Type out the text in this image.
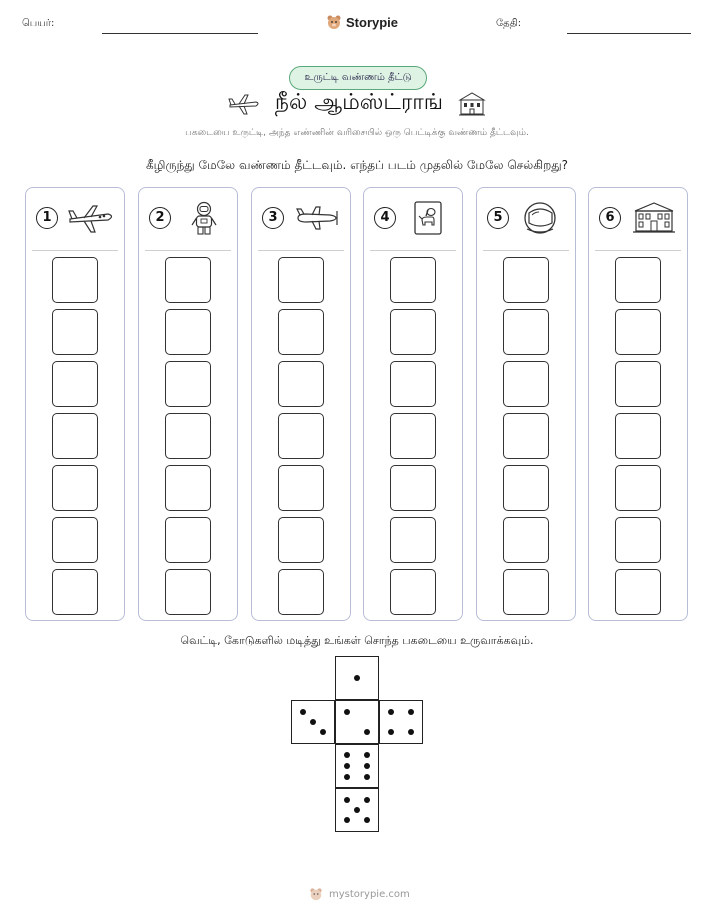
பெயர்:	Storypie	தேதி:
உருட்டி வண்ணம் தீட்டு
நீல் ஆம்ஸ்ட்ராங்
பகடையை உருட்டி, அந்த எண்ணின் வரிசையில் ஒரு பெட்டிக்கு வண்ணம் தீட்டவும்.
கீழிருந்து மேலே வண்ணம் தீட்டவும். எந்தப் படம் முதலில் மேலே செல்கிறது?
1	2	3	4	5	6
வெட்டி, கோடுகளில் மடித்து உங்கள் சொந்த பகடையை உருவாக்கவும்.
mystorypie.com
